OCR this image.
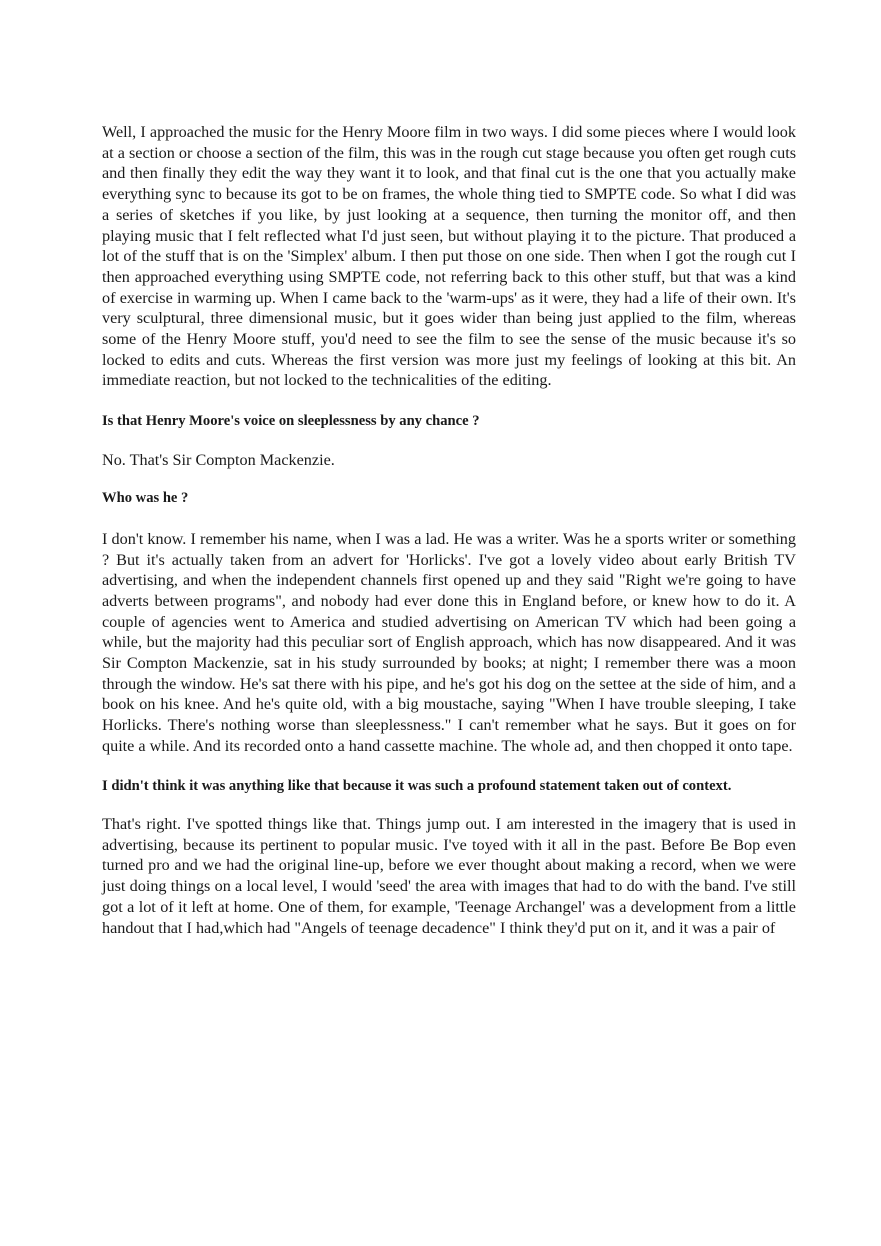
Well, I approached the music for the Henry Moore film in two ways. I did some pieces where I would look at a section or choose a section of the film, this was in the rough cut stage because you often get rough cuts and then finally they edit the way they want it to look, and that final cut is the one that you actually make everything sync to because its got to be on frames, the whole thing tied to SMPTE code. So what I did was a series of sketches if you like, by just looking at a sequence, then turning the monitor off, and then playing music that I felt reflected what I'd just seen, but without playing it to the picture. That produced a lot of the stuff that is on the 'Simplex' album. I then put those on one side. Then when I got the rough cut I then approached everything using SMPTE code, not referring back to this other stuff, but that was a kind of exercise in warming up. When I came back to the 'warm-ups' as it were, they had a life of their own. It's very sculptural, three dimensional music, but it goes wider than being just applied to the film, whereas some of the Henry Moore stuff, you'd need to see the film to see the sense of the music because it's so locked to edits and cuts. Whereas the first version was more just my feelings of looking at this bit. An immediate reaction, but not locked to the technicalities of the editing.

Is that Henry Moore's voice on sleeplessness by any chance ?

No. That's Sir Compton Mackenzie.

Who was he ?

I don't know. I remember his name, when I was a lad. He was a writer. Was he a sports writer or something ? But it's actually taken from an advert for 'Horlicks'. I've got a lovely video about early British TV advertising, and when the independent channels first opened up and they said "Right we're going to have adverts between programs", and nobody had ever done this in England before, or knew how to do it. A couple of agencies went to America and studied advertising on American TV which had been going a while, but the majority had this peculiar sort of English approach, which has now disappeared. And it was Sir Compton Mackenzie, sat in his study surrounded by books; at night; I remember there was a moon through the window. He's sat there with his pipe, and he's got his dog on the settee at the side of him, and a book on his knee. And he's quite old, with a big moustache, saying "When I have trouble sleeping, I take Horlicks. There's nothing worse than sleeplessness." I can't remember what he says. But it goes on for quite a while. And its recorded onto a hand cassette machine. The whole ad, and then chopped it onto tape.

I didn't think it was anything like that because it was such a profound statement taken out of context.

That's right. I've spotted things like that. Things jump out. I am interested in the imagery that is used in advertising, because its pertinent to popular music. I've toyed with it all in the past. Before Be Bop even turned pro and we had the original line-up, before we ever thought about making a record, when we were just doing things on a local level, I would 'seed' the area with images that had to do with the band. I've still got a lot of it left at home. One of them, for example, 'Teenage Archangel' was a development from a little handout that I had,which had "Angels of teenage decadence" I think they'd put on it, and it was a pair of
